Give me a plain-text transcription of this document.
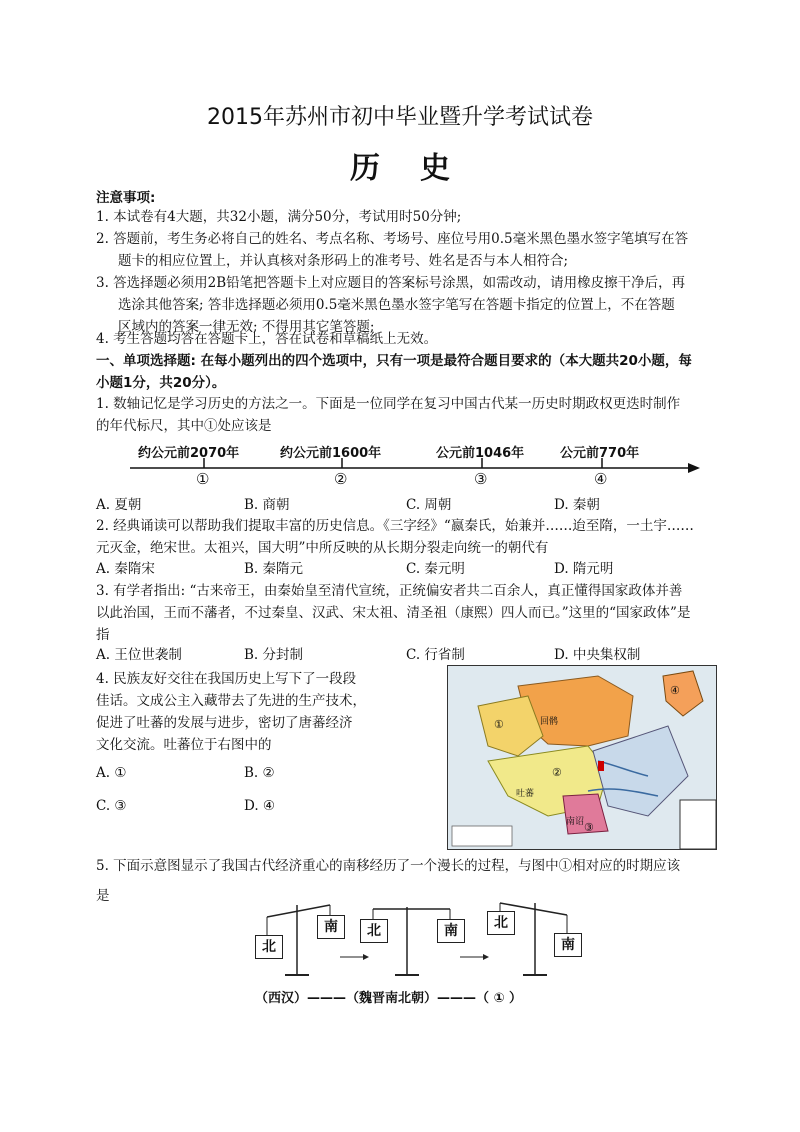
2015年苏州市初中毕业暨升学考试试卷
历史
注意事项:
1. 本试卷有4大题，共32小题，满分50分，考试用时50分钟;
2. 答题前，考生务必将自己的姓名、考点名称、考场号、座位号用0.5毫米黑色墨水签字笔填写在答
题卡的相应位置上，并认真核对条形码上的准考号、姓名是否与本人相符合;
3. 答选择题必须用2B铅笔把答题卡上对应题目的答案标号涂黑，如需改动，请用橡皮擦干净后，再
选涂其他答案; 答非选择题必须用0.5毫米黑色墨水签字笔写在答题卡指定的位置上，不在答题
区域内的答案一律无效; 不得用其它笔答题;
4. 考生答题均答在答题卡上，答在试卷和草稿纸上无效。
一、单项选择题: 在每小题列出的四个选项中，只有一项是最符合题目要求的（本大题共20小题，每
小题1分，共20分）。
1. 数轴记忆是学习历史的方法之一。下面是一位同学在复习中国古代某一历史时期政权更迭时制作
的年代标尺，其中①处应该是
约公元前2070年	约公元前1600年	公元前1046年	公元前770年
①	②	③	④
A. 夏朝	B. 商朝	C. 周朝	D. 秦朝
2. 经典诵读可以帮助我们提取丰富的历史信息。《三字经》“嬴秦氏，始兼并……迨至隋，一土宇……
元灭金，绝宋世。太祖兴，国大明”中所反映的从长期分裂走向统一的朝代有
A. 秦隋宋	B. 秦隋元	C. 秦元明	D. 隋元明
3. 有学者指出: “古来帝王，由秦始皇至清代宣统，正统偏安者共二百余人，真正懂得国家政体并善
以此治国，王而不藩者，不过秦皇、汉武、宋太祖、清圣祖（康熙）四人而已。”这里的“国家政体”是
指
A. 王位世袭制	B. 分封制	C. 行省制	D. 中央集权制
4. 民族友好交往在我国历史上写下了一段段
佳话。文成公主入藏带去了先进的生产技术，
促进了吐蕃的发展与进步，密切了唐蕃经济
文化交流。吐蕃位于右图中的
A. ①	B. ②
C. ③	D. ④
回鹘
吐蕃
南诏
①
②
③
④
5. 下面示意图显示了我国古代经济重心的南移经历了一个漫长的过程，与图中①相对应的时期应该
是
北
南	北	南	北
南
（西汉）———（魏晋南北朝）———（ ① ）
